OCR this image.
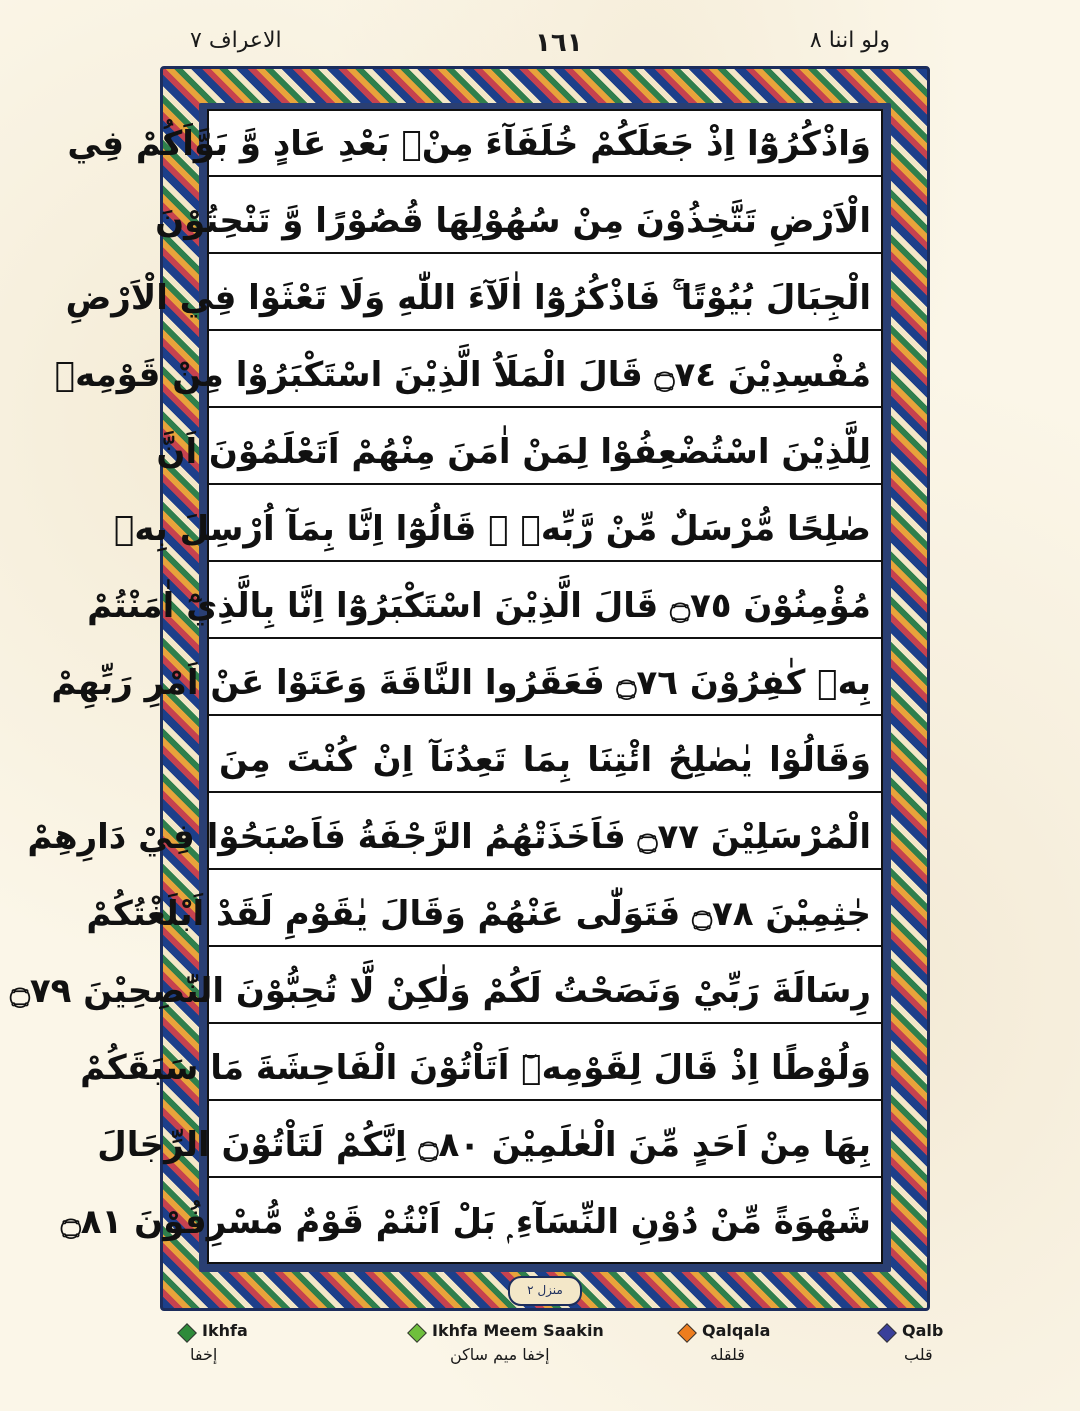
الاعراف ٧	١٦١	ولو اننا ٨
وَاذْكُرُوْٓا اِذْ جَعَلَكُمْ خُلَفَآءَ مِنْۢ بَعْدِ عَادٍ وَّ بَوَّاَكُمْ فِي
الْاَرْضِ تَتَّخِذُوْنَ مِنْ سُهُوْلِهَا قُصُوْرًا وَّ تَنْحِتُوْنَ
الْجِبَالَ بُيُوْتًا ۚ فَاذْكُرُوْٓا اٰلَآءَ اللّٰهِ وَلَا تَعْثَوْا فِي الْاَرْضِ
مُفْسِدِيْنَ ۝٧٤ قَالَ الْمَلَاُ الَّذِيْنَ اسْتَكْبَرُوْا مِنْ قَوْمِهٖ
لِلَّذِيْنَ اسْتُضْعِفُوْا لِمَنْ اٰمَنَ مِنْهُمْ اَتَعْلَمُوْنَ اَنَّ
صٰلِحًا مُّرْسَلٌ مِّنْ رَّبِّهٖ ۭ قَالُوْٓا اِنَّا بِمَآ اُرْسِلَ بِهٖ
مُؤْمِنُوْنَ ۝٧٥ قَالَ الَّذِيْنَ اسْتَكْبَرُوْٓا اِنَّا بِالَّذِيْٓ اٰمَنْتُمْ
بِهٖ كٰفِرُوْنَ ۝٧٦ فَعَقَرُوا النَّاقَةَ وَعَتَوْا عَنْ اَمْرِ رَبِّهِمْ
وَقَالُوْا يٰصٰلِحُ ائْتِنَا بِمَا تَعِدُنَآ اِنْ كُنْتَ مِنَ
الْمُرْسَلِيْنَ ۝٧٧ فَاَخَذَتْهُمُ الرَّجْفَةُ فَاَصْبَحُوْا فِيْ دَارِهِمْ
جٰثِمِيْنَ ۝٧٨ فَتَوَلّٰى عَنْهُمْ وَقَالَ يٰقَوْمِ لَقَدْ اَبْلَغْتُكُمْ
رِسَالَةَ رَبِّيْ وَنَصَحْتُ لَكُمْ وَلٰكِنْ لَّا تُحِبُّوْنَ النّٰصِحِيْنَ ۝٧٩
وَلُوْطًا اِذْ قَالَ لِقَوْمِهٖٓ اَتَاْتُوْنَ الْفَاحِشَةَ مَا سَبَقَكُمْ
بِهَا مِنْ اَحَدٍ مِّنَ الْعٰلَمِيْنَ ۝٨٠ اِنَّكُمْ لَتَاْتُوْنَ الرِّجَالَ
شَهْوَةً مِّنْ دُوْنِ النِّسَآءِ ۭ بَلْ اَنْتُمْ قَوْمٌ مُّسْرِفُوْنَ ۝٨١
منزل ٢
Ikhfa
إخفا
Ikhfa Meem Saakin
إخفا ميم ساكن
Qalqala
قلقله
Qalb
قلب
